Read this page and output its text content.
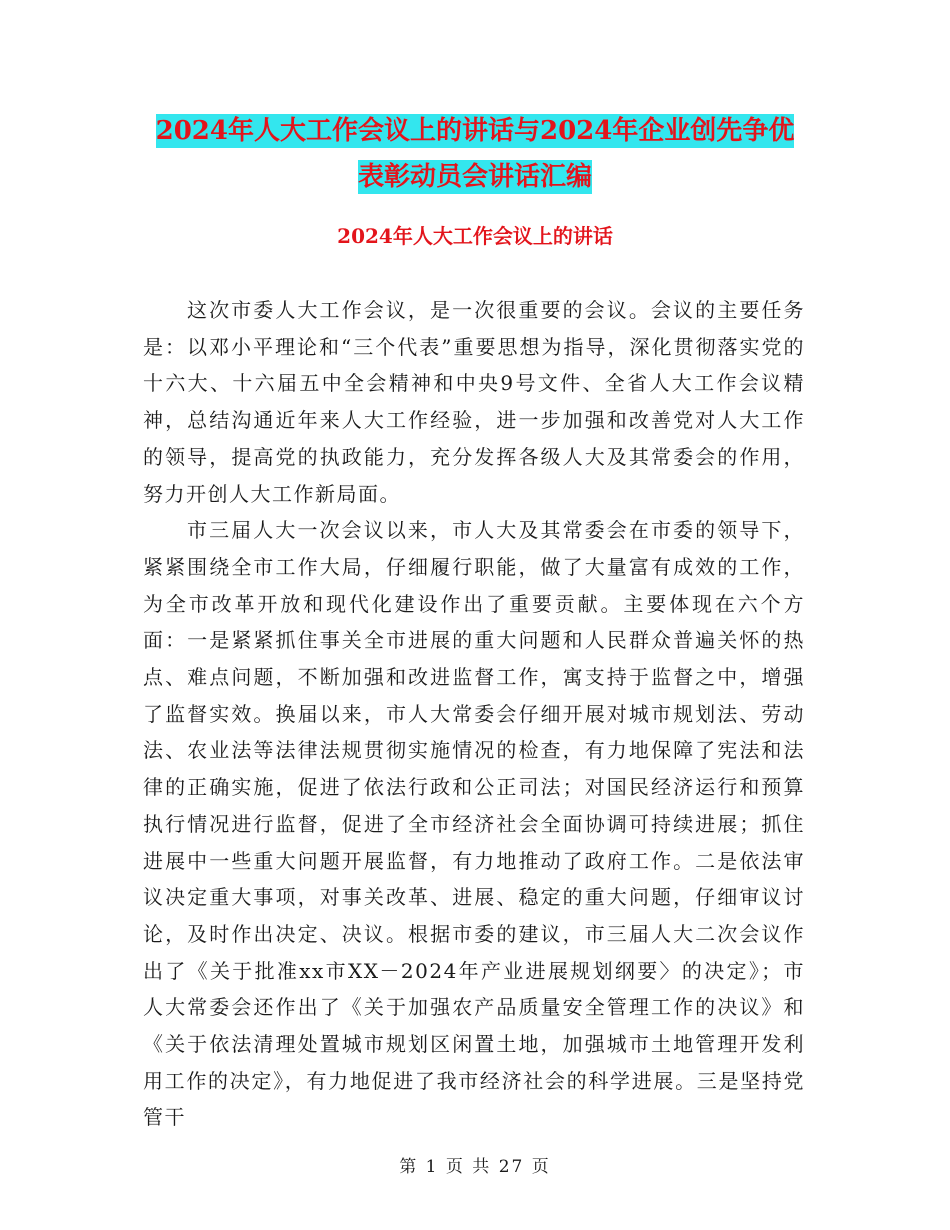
2024年人大工作会议上的讲话与2024年企业创先争优
表彰动员会讲话汇编
2024年人大工作会议上的讲话

这次市委人大工作会议，是一次很重要的会议。会议的主要任务是：以邓小平理论和“三个代表”重要思想为指导，深化贯彻落实党的十六大、十六届五中全会精神和中央9号文件、全省人大工作会议精神，总结沟通近年来人大工作经验，进一步加强和改善党对人大工作的领导，提高党的执政能力，充分发挥各级人大及其常委会的作用，努力开创人大工作新局面。

市三届人大一次会议以来，市人大及其常委会在市委的领导下，紧紧围绕全市工作大局，仔细履行职能，做了大量富有成效的工作，为全市改革开放和现代化建设作出了重要贡献。主要体现在六个方面：一是紧紧抓住事关全市进展的重大问题和人民群众普遍关怀的热点、难点问题，不断加强和改进监督工作，寓支持于监督之中，增强了监督实效。换届以来，市人大常委会仔细开展对城市规划法、劳动法、农业法等法律法规贯彻实施情况的检查，有力地保障了宪法和法律的正确实施，促进了依法行政和公正司法；对国民经济运行和预算执行情况进行监督，促进了全市经济社会全面协调可持续进展；抓住进展中一些重大问题开展监督，有力地推动了政府工作。二是依法审议决定重大事项，对事关改革、进展、稳定的重大问题，仔细审议讨论，及时作出决定、决议。根据市委的建议，市三届人大二次会议作出了《关于批准xx市XX－2024年产业进展规划纲要〉的决定》；市人大常委会还作出了《关于加强农产品质量安全管理工作的决议》和《关于依法清理处置城市规划区闲置土地，加强城市土地管理开发利用工作的决定》，有力地促进了我市经济社会的科学进展。三是坚持党管干

第 1 页 共 27 页
